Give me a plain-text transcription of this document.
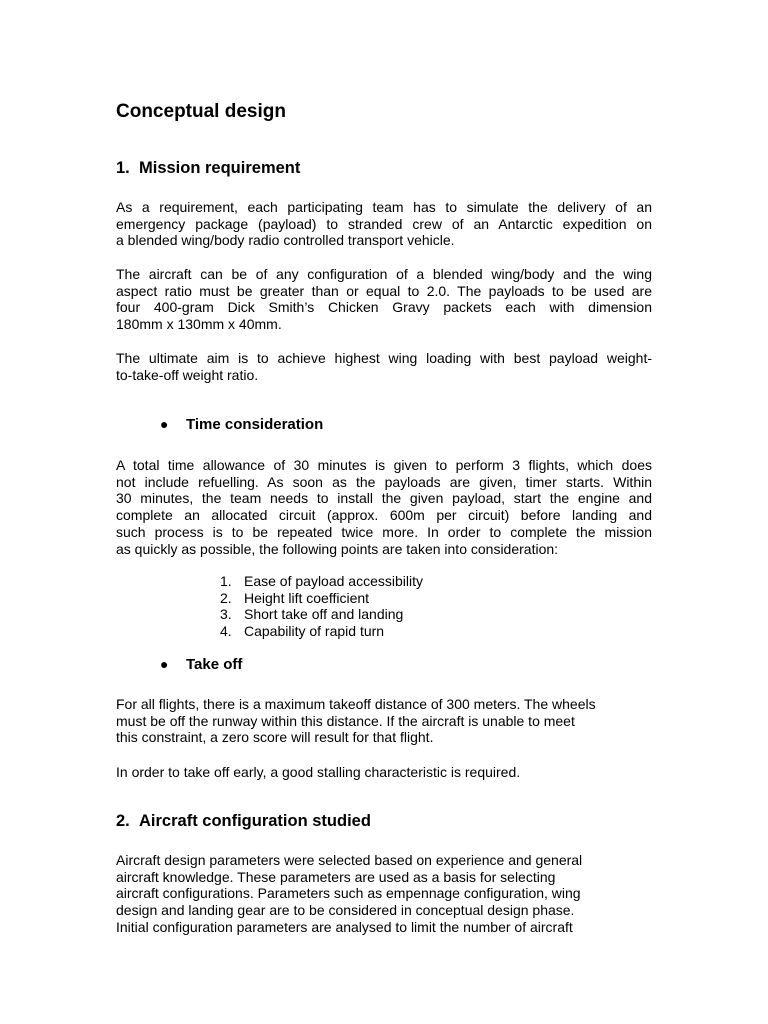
Conceptual design
1. Mission requirement

As a requirement, each participating team has to simulate the delivery of an
emergency package (payload) to stranded crew of an Antarctic expedition on
a blended wing/body radio controlled transport vehicle.

The aircraft can be of any configuration of a blended wing/body and the wing
aspect ratio must be greater than or equal to 2.0. The payloads to be used are
four 400-gram Dick Smith’s Chicken Gravy packets each with dimension
180mm x 130mm x 40mm.

The ultimate aim is to achieve highest wing loading with best payload weight-
to-take-off weight ratio.

● Time consideration

A total time allowance of 30 minutes is given to perform 3 flights, which does
not include refuelling. As soon as the payloads are given, timer starts. Within
30 minutes, the team needs to install the given payload, start the engine and
complete an allocated circuit (approx. 600m per circuit) before landing and
such process is to be repeated twice more. In order to complete the mission
as quickly as possible, the following points are taken into consideration:

1. Ease of payload accessibility
2. Height lift coefficient
3. Short take off and landing
4. Capability of rapid turn
● Take off

For all flights, there is a maximum takeoff distance of 300 meters. The wheels
must be off the runway within this distance. If the aircraft is unable to meet
this constraint, a zero score will result for that flight.

In order to take off early, a good stalling characteristic is required.

2. Aircraft configuration studied

Aircraft design parameters were selected based on experience and general
aircraft knowledge. These parameters are used as a basis for selecting
aircraft configurations. Parameters such as empennage configuration, wing
design and landing gear are to be considered in conceptual design phase.
Initial configuration parameters are analysed to limit the number of aircraft
